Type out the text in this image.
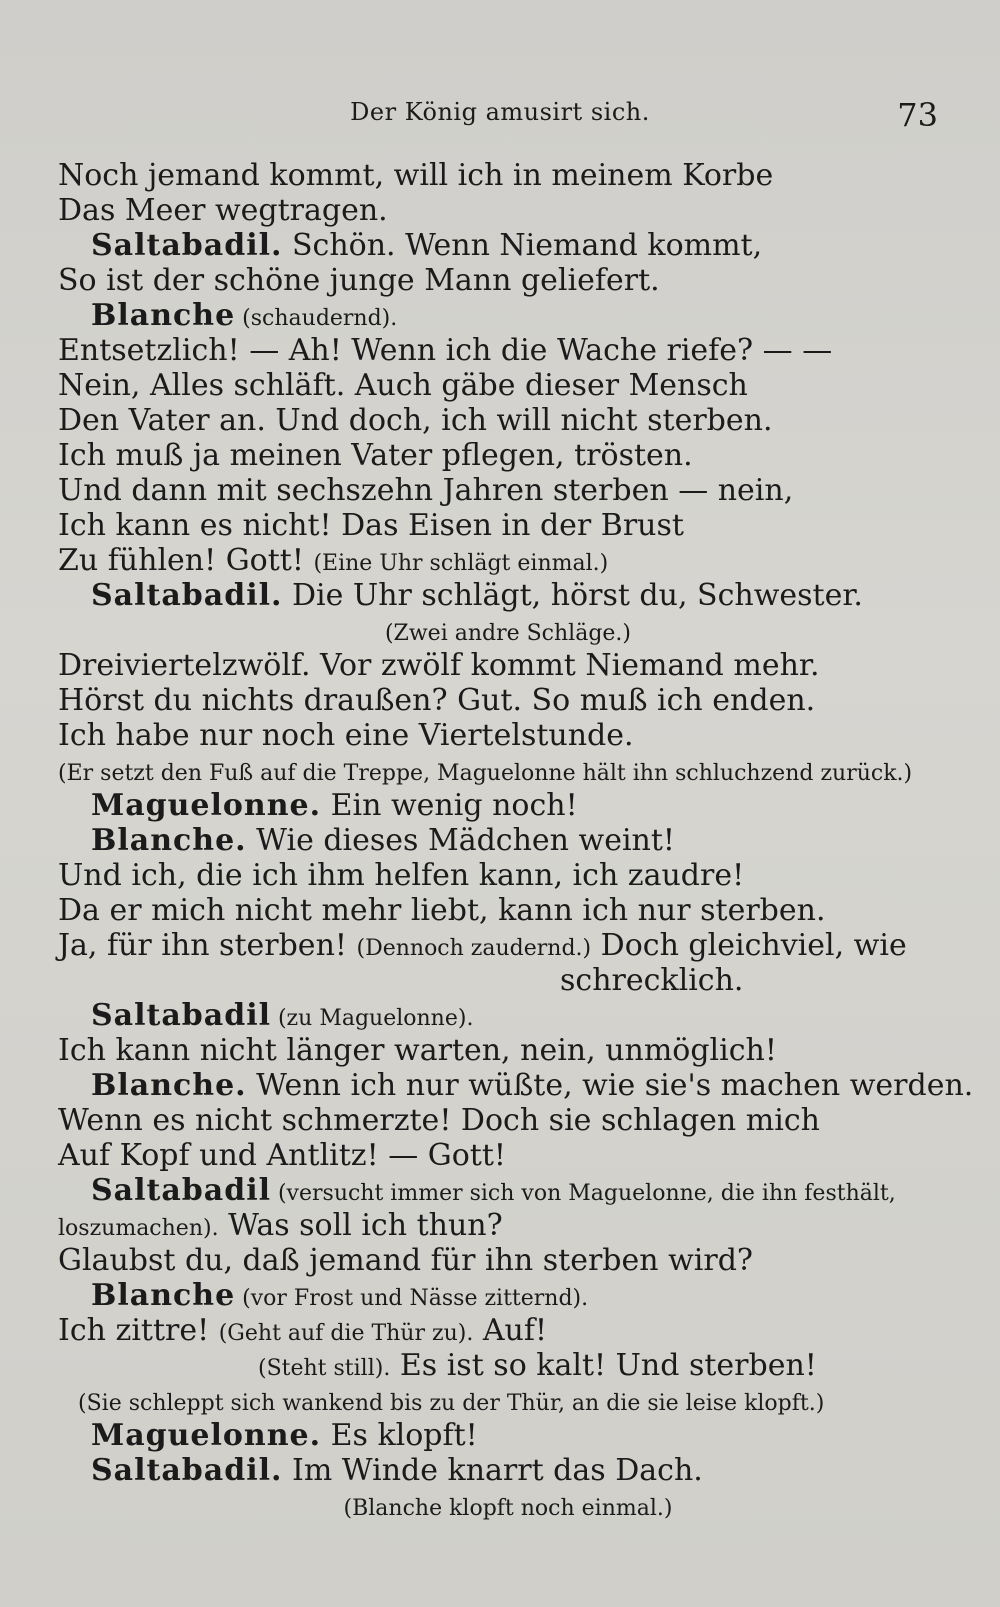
Der König amusirt sich.	73
Noch jemand kommt, will ich in meinem Korbe
Das Meer wegtragen.
Saltabadil. Schön. Wenn Niemand kommt,
So ist der schöne junge Mann geliefert.
Blanche (schaudernd).
Entsetzlich! — Ah! Wenn ich die Wache riefe? — —
Nein, Alles schläft. Auch gäbe dieser Mensch
Den Vater an. Und doch, ich will nicht sterben.
Ich muß ja meinen Vater pflegen, trösten.
Und dann mit sechszehn Jahren sterben — nein,
Ich kann es nicht! Das Eisen in der Brust
Zu fühlen! Gott! (Eine Uhr schlägt einmal.)
Saltabadil. Die Uhr schlägt, hörst du, Schwester.
(Zwei andre Schläge.)
Dreiviertelzwölf. Vor zwölf kommt Niemand mehr.
Hörst du nichts draußen? Gut. So muß ich enden.
Ich habe nur noch eine Viertelstunde.
(Er setzt den Fuß auf die Treppe, Maguelonne hält ihn schluchzend zurück.)
Maguelonne. Ein wenig noch!
Blanche. Wie dieses Mädchen weint!
Und ich, die ich ihm helfen kann, ich zaudre!
Da er mich nicht mehr liebt, kann ich nur sterben.
Ja, für ihn sterben! (Dennoch zaudernd.) Doch gleichviel, wie
schrecklich.
Saltabadil (zu Maguelonne).
Ich kann nicht länger warten, nein, unmöglich!
Blanche. Wenn ich nur wüßte, wie sie's machen werden.
Wenn es nicht schmerzte! Doch sie schlagen mich
Auf Kopf und Antlitz! — Gott!
Saltabadil (versucht immer sich von Maguelonne, die ihn festhält,
loszumachen). Was soll ich thun?
Glaubst du, daß jemand für ihn sterben wird?
Blanche (vor Frost und Nässe zitternd).
Ich zittre! (Geht auf die Thür zu). Auf!
(Steht still). Es ist so kalt! Und sterben!
(Sie schleppt sich wankend bis zu der Thür, an die sie leise klopft.)
Maguelonne. Es klopft!
Saltabadil. Im Winde knarrt das Dach.
(Blanche klopft noch einmal.)
